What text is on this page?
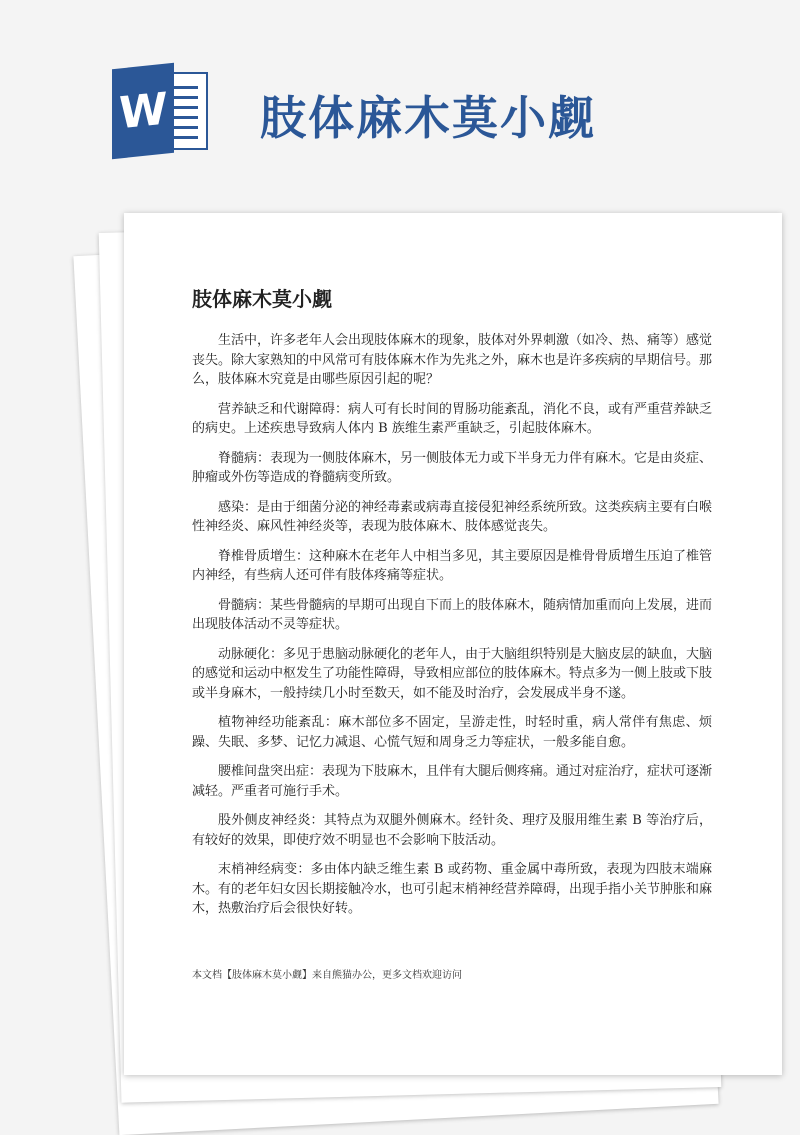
W 肢体麻木莫小觑
肢体麻木莫小觑

生活中，许多老年人会出现肢体麻木的现象，肢体对外界刺激（如冷、热、痛等）感觉丧失。除大家熟知的中风常可有肢体麻木作为先兆之外，麻木也是许多疾病的早期信号。那么，肢体麻木究竟是由哪些原因引起的呢？

营养缺乏和代谢障碍：病人可有长时间的胃肠功能紊乱，消化不良，或有严重营养缺乏的病史。上述疾患导致病人体内 B 族维生素严重缺乏，引起肢体麻木。

脊髓病：表现为一侧肢体麻木，另一侧肢体无力或下半身无力伴有麻木。它是由炎症、肿瘤或外伤等造成的脊髓病变所致。

感染：是由于细菌分泌的神经毒素或病毒直接侵犯神经系统所致。这类疾病主要有白喉性神经炎、麻风性神经炎等，表现为肢体麻木、肢体感觉丧失。

脊椎骨质增生：这种麻木在老年人中相当多见，其主要原因是椎骨骨质增生压迫了椎管内神经，有些病人还可伴有肢体疼痛等症状。

骨髓病：某些骨髓病的早期可出现自下而上的肢体麻木，随病情加重而向上发展，进而出现肢体活动不灵等症状。

动脉硬化：多见于患脑动脉硬化的老年人，由于大脑组织特别是大脑皮层的缺血，大脑的感觉和运动中枢发生了功能性障碍，导致相应部位的肢体麻木。特点多为一侧上肢或下肢或半身麻木，一般持续几小时至数天，如不能及时治疗，会发展成半身不遂。

植物神经功能紊乱：麻木部位多不固定，呈游走性，时轻时重，病人常伴有焦虑、烦躁、失眠、多梦、记忆力减退、心慌气短和周身乏力等症状，一般多能自愈。

腰椎间盘突出症：表现为下肢麻木，且伴有大腿后侧疼痛。通过对症治疗，症状可逐渐减轻。严重者可施行手术。

股外侧皮神经炎：其特点为双腿外侧麻木。经针灸、理疗及服用维生素 B 等治疗后，有较好的效果，即使疗效不明显也不会影响下肢活动。

末梢神经病变：多由体内缺乏维生素 B 或药物、重金属中毒所致，表现为四肢末端麻木。有的老年妇女因长期接触冷水，也可引起末梢神经营养障碍，出现手指小关节肿胀和麻木，热敷治疗后会很快好转。

本文档【肢体麻木莫小觑】来自熊猫办公，更多文档欢迎访问
